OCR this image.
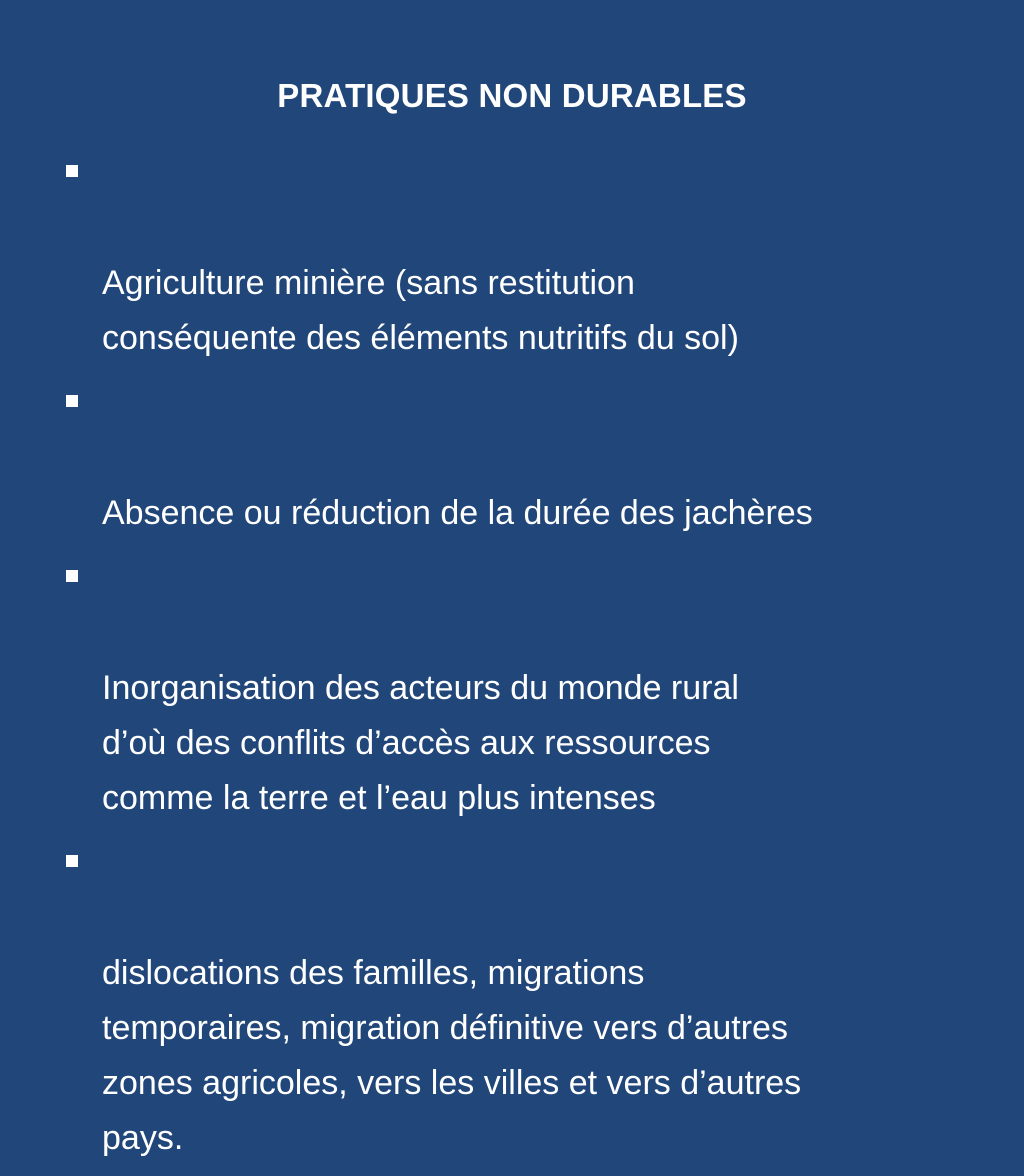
PRATIQUES NON DURABLES

Agriculture minière (sans restitution
conséquente des éléments nutritifs du sol)

Absence ou réduction de la durée des jachères

Inorganisation des acteurs du monde rural
d’où des conflits d’accès aux ressources
comme la terre et l’eau plus intenses

dislocations des familles, migrations
temporaires, migration définitive vers d’autres
zones agricoles, vers les villes et vers d’autres
pays.
